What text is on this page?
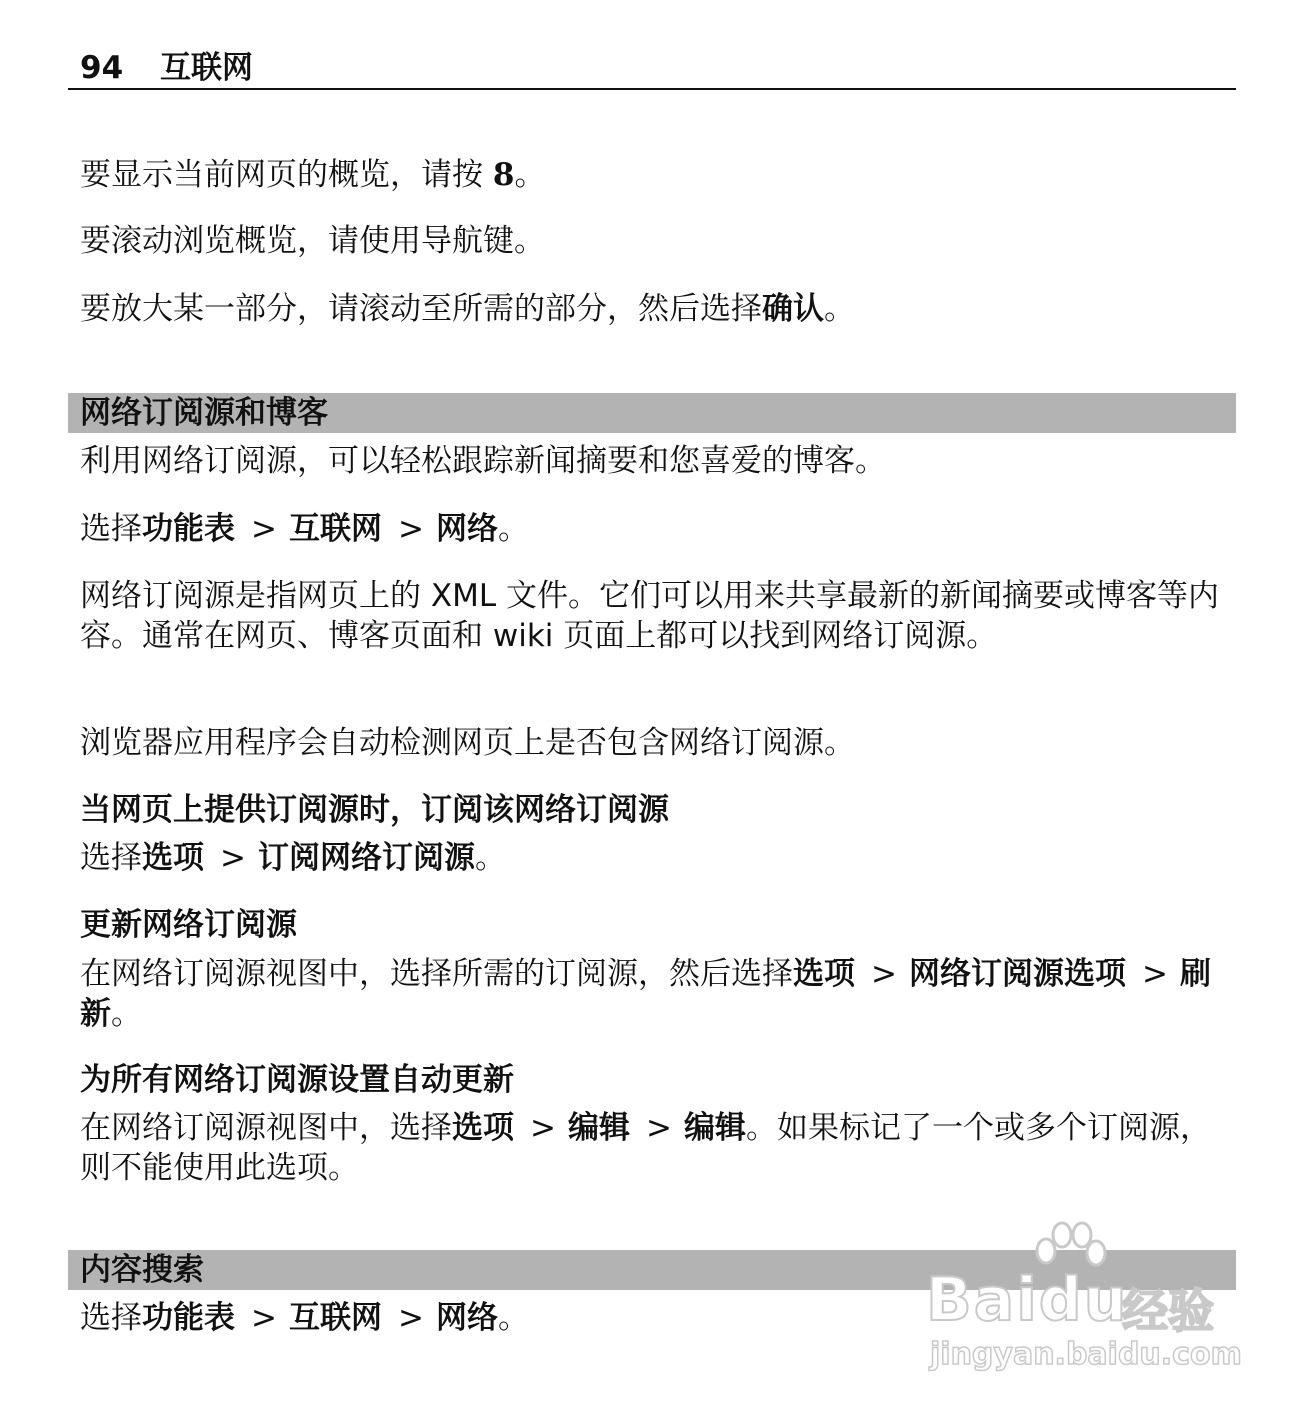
94 互联网

要显示当前网页的概览，请按 8。

要滚动浏览概览，请使用导航键。

要放大某一部分，请滚动至所需的部分，然后选择确认。

网络订阅源和博客

利用网络订阅源，可以轻松跟踪新闻摘要和您喜爱的博客。

选择功能表 > 互联网 > 网络。

网络订阅源是指网页上的 XML 文件。它们可以用来共享最新的新闻摘要或博客等内容。通常在网页、博客页面和 wiki 页面上都可以找到网络订阅源。

浏览器应用程序会自动检测网页上是否包含网络订阅源。

当网页上提供订阅源时，订阅该网络订阅源

选择选项 > 订阅网络订阅源。

更新网络订阅源

在网络订阅源视图中，选择所需的订阅源，然后选择选项 > 网络订阅源选项 > 刷新。

为所有网络订阅源设置自动更新

在网络订阅源视图中，选择选项 > 编辑 > 编辑。如果标记了一个或多个订阅源，则不能使用此选项。

内容搜索

选择功能表 > 互联网 > 网络。	Baidu
经验
jingyan.baidu.com
